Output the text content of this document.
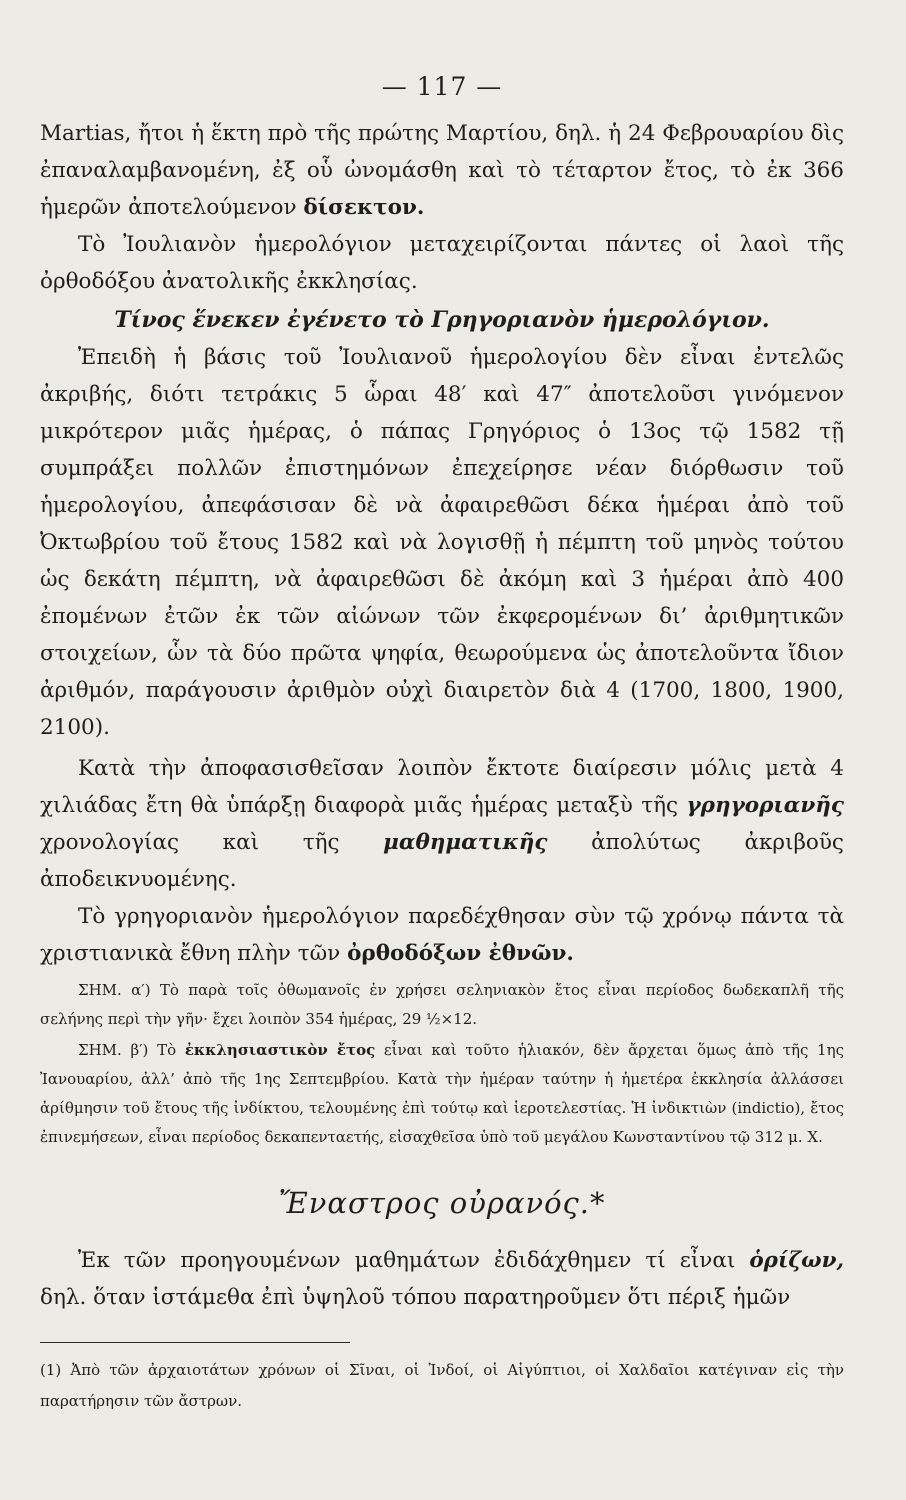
— 117 —

Martias, ἤτοι ἡ ἕκτη πρὸ τῆς πρώτης Μαρτίου, δηλ. ἡ 24 Φεβρουαρίου δὶς ἐπαναλαμβανομένη, ἐξ οὗ ὠνομάσθη καὶ τὸ τέταρτον ἔτος, τὸ ἐκ 366 ἡμερῶν ἀποτελούμενον δίσεκτον.

Τὸ Ἰουλιανὸν ἡμερολόγιον μεταχειρίζονται πάντες οἱ λαοὶ τῆς ὀρθοδόξου ἀνατολικῆς ἐκκλησίας.

Τίνος ἕνεκεν ἐγένετο τὸ Γρηγοριανὸν ἡμερολόγιον.

Ἐπειδὴ ἡ βάσις τοῦ Ἰουλιανοῦ ἡμερολογίου δὲν εἶναι ἐντελῶς ἀκριβής, διότι τετράκις 5 ὧραι 48′ καὶ 47″ ἀποτελοῦσι γινόμενον μικρότερον μιᾶς ἡμέρας, ὁ πάπας Γρηγόριος ὁ 13ος τῷ 1582 τῇ συμπράξει πολλῶν ἐπιστημόνων ἐπεχείρησε νέαν διόρθωσιν τοῦ ἡμερολογίου, ἀπεφάσισαν δὲ νὰ ἀφαιρεθῶσι δέκα ἡμέραι ἀπὸ τοῦ Ὀκτωβρίου τοῦ ἔτους 1582 καὶ νὰ λογισθῇ ἡ πέμπτη τοῦ μηνὸς τούτου ὡς δεκάτη πέμπτη, νὰ ἀφαιρεθῶσι δὲ ἀκόμη καὶ 3 ἡμέραι ἀπὸ 400 ἐπομένων ἐτῶν ἐκ τῶν αἰώνων τῶν ἐκφερομένων δι’ ἀριθμητικῶν στοιχείων, ὧν τὰ δύο πρῶτα ψηφία, θεωρούμενα ὡς ἀποτελοῦντα ἴδιον ἀριθμόν, παράγουσιν ἀριθμὸν οὐχὶ διαιρετὸν διὰ 4 (1700, 1800, 1900, 2100).

Κατὰ τὴν ἀποφασισθεῖσαν λοιπὸν ἔκτοτε διαίρεσιν μόλις μετὰ 4 χιλιάδας ἔτη θὰ ὑπάρξῃ διαφορὰ μιᾶς ἡμέρας μεταξὺ τῆς γρηγοριανῆς χρονολογίας καὶ τῆς μαθηματικῆς ἀπολύτως ἀκριβοῦς ἀποδεικνυομένης.

Τὸ γρηγοριανὸν ἡμερολόγιον παρεδέχθησαν σὺν τῷ χρόνῳ πάντα τὰ χριστιανικὰ ἔθνη πλὴν τῶν ὀρθοδόξων ἐθνῶν.

ΣΗΜ. α′) Τὸ παρὰ τοῖς ὀθωμανοῖς ἐν χρήσει σεληνιακὸν ἔτος εἶναι περίοδος δωδεκαπλῆ τῆς σελήνης περὶ τὴν γῆν· ἔχει λοιπὸν 354 ἡμέρας, 29 ½×12.

ΣΗΜ. β′) Τὸ ἐκκλησιαστικὸν ἔτος εἶναι καὶ τοῦτο ἡλιακόν, δὲν ἄρχεται ὅμως ἀπὸ τῆς 1ης Ἰανουαρίου, ἀλλ’ ἀπὸ τῆς 1ης Σεπτεμβρίου. Κατὰ τὴν ἡμέραν ταύτην ἡ ἡμετέρα ἐκκλησία ἀλλάσσει ἀρίθμησιν τοῦ ἔτους τῆς ἰνδίκτου, τελουμένης ἐπὶ τούτῳ καὶ ἱεροτελεστίας. Ἡ ἰνδικτιὼν (indictio), ἔτος ἐπινεμήσεων, εἶναι περίοδος δεκαπενταετής, εἰσαχθεῖσα ὑπὸ τοῦ μεγάλου Κωνσταντίνου τῷ 312 μ. Χ.

Ἔναστρος οὐρανός.*

Ἐκ τῶν προηγουμένων μαθημάτων ἐδιδάχθημεν τί εἶναι ὁρίζων, δηλ. ὅταν ἱστάμεθα ἐπὶ ὑψηλοῦ τόπου παρατηροῦμεν ὅτι πέριξ ἡμῶν

(1) Ἀπὸ τῶν ἀρχαιοτάτων χρόνων οἱ Σῖναι, οἱ Ἰνδοί, οἱ Αἰγύπτιοι, οἱ Χαλδαῖοι κατέγιναν εἰς τὴν παρατήρησιν τῶν ἄστρων.
